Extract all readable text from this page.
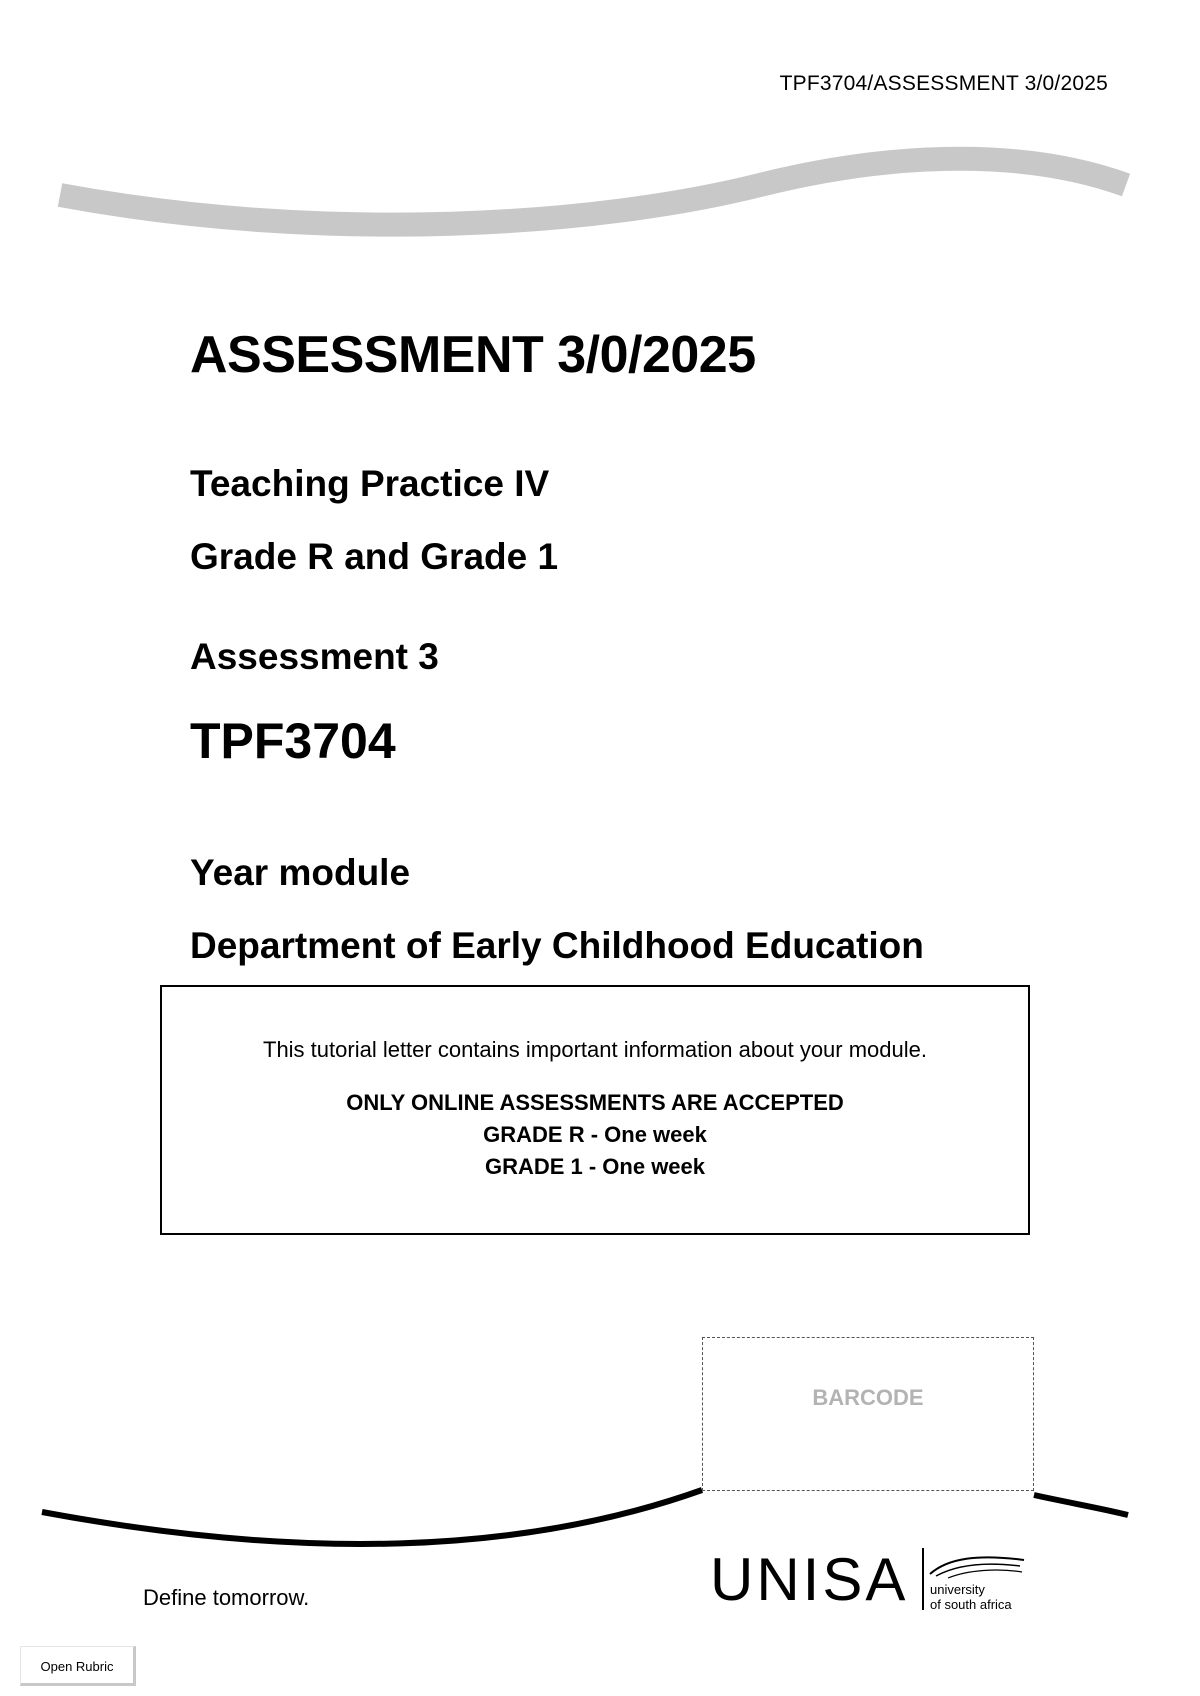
TPF3704/ASSESSMENT 3/0/2025
ASSESSMENT 3/0/2025
Teaching Practice IV
Grade R and Grade 1
Assessment 3
TPF3704
Year module
Department of Early Childhood Education
This tutorial letter contains important information about your module.
ONLY ONLINE ASSESSMENTS ARE ACCEPTED
GRADE R - One week
GRADE 1 - One week
BARCODE
Define tomorrow.	UNISA university
of south africa
Open Rubric
